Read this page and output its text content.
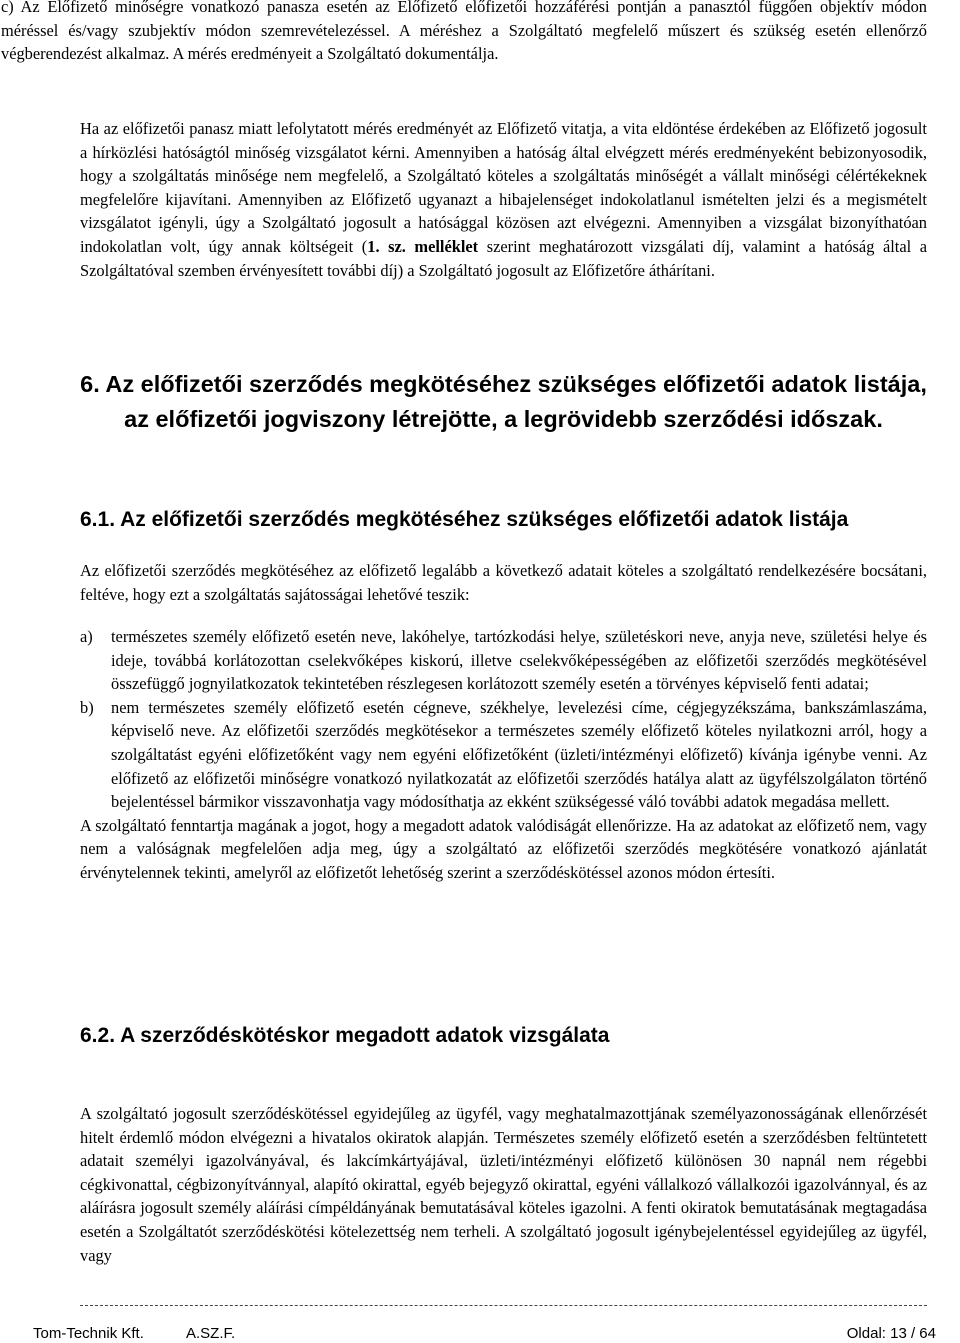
c) Az Előfizető minőségre vonatkozó panasza esetén az Előfizető előfizetői hozzáférési pontján a panasztól függően objektív módon méréssel és/vagy szubjektív módon szemrevételezéssel. A méréshez a Szolgáltató megfelelő műszert és szükség esetén ellenőrző végberendezést alkalmaz. A mérés eredményeit a Szolgáltató dokumentálja.

Ha az előfizetői panasz miatt lefolytatott mérés eredményét az Előfizető vitatja, a vita eldöntése érdekében az Előfizető jogosult a hírközlési hatóságtól minőség vizsgálatot kérni. Amennyiben a hatóság által elvégzett mérés eredményeként bebizonyosodik, hogy a szolgáltatás minősége nem megfelelő, a Szolgáltató köteles a szolgáltatás minőségét a vállalt minőségi célértékeknek megfelelőre kijavítani. Amennyiben az Előfizető ugyanazt a hibajelenséget indokolatlanul ismételten jelzi és a megismételt vizsgálatot igényli, úgy a Szolgáltató jogosult a hatósággal közösen azt elvégezni. Amennyiben a vizsgálat bizonyíthatóan indokolatlan volt, úgy annak költségeit (1. sz. melléklet szerint meghatározott vizsgálati díj, valamint a hatóság által a Szolgáltatóval szemben érvényesített további díj) a Szolgáltató jogosult az Előfizetőre áthárítani.

6. Az előfizetői szerződés megkötéséhez szükséges előfizetői adatok listája, az előfizetői jogviszony létrejötte, a legrövidebb szerződési időszak.
6.1. Az előfizetői szerződés megkötéséhez szükséges előfizetői adatok listája

Az előfizetői szerződés megkötéséhez az előfizető legalább a következő adatait köteles a szolgáltató rendelkezésére bocsátani, feltéve, hogy ezt a szolgáltatás sajátosságai lehetővé teszik:

a) természetes személy előfizető esetén neve, lakóhelye, tartózkodási helye, születéskori neve, anyja neve, születési helye és ideje, továbbá korlátozottan cselekvőképes kiskorú, illetve cselekvőképességében az előfizetői szerződés megkötésével összefüggő jognyilatkozatok tekintetében részlegesen korlátozott személy esetén a törvényes képviselő fenti adatai;
b) nem természetes személy előfizető esetén cégneve, székhelye, levelezési címe, cégjegyzékszáma, bankszámlaszáma, képviselő neve. Az előfizetői szerződés megkötésekor a természetes személy előfizető köteles nyilatkozni arról, hogy a szolgáltatást egyéni előfizetőként vagy nem egyéni előfizetőként (üzleti/intézményi előfizető) kívánja igénybe venni. Az előfizető az előfizetői minőségre vonatkozó nyilatkozatát az előfizetői szerződés hatálya alatt az ügyfélszolgálaton történő bejelentéssel bármikor visszavonhatja vagy módosíthatja az ekként szükségessé váló további adatok megadása mellett.

A szolgáltató fenntartja magának a jogot, hogy a megadott adatok valódiságát ellenőrizze. Ha az adatokat az előfizető nem, vagy nem a valóságnak megfelelően adja meg, úgy a szolgáltató az előfizetői szerződés megkötésére vonatkozó ajánlatát érvénytelennek tekinti, amelyről az előfizetőt lehetőség szerint a szerződéskötéssel azonos módon értesíti.

6.2. A szerződéskötéskor megadott adatok vizsgálata

A szolgáltató jogosult szerződéskötéssel egyidejűleg az ügyfél, vagy meghatalmazottjának személyazonosságának ellenőrzését hitelt érdemlő módon elvégezni a hivatalos okiratok alapján. Természetes személy előfizető esetén a szerződésben feltüntetett adatait személyi igazolványával, és lakcímkártyájával, üzleti/intézményi előfizető különösen 30 napnál nem régebbi cégkivonattal, cégbizonyítvánnyal, alapító okirattal, egyéb bejegyző okirattal, egyéni vállalkozó vállalkozói igazolvánnyal, és az aláírásra jogosult személy aláírási címpéldányának bemutatásával köteles igazolni. A fenti okiratok bemutatásának megtagadása esetén a Szolgáltatót szerződéskötési kötelezettség nem terheli. A szolgáltató jogosult igénybejelentéssel egyidejűleg az ügyfél, vagy

Tom-Technik Kft.	A.SZ.F.	Oldal: 13 / 64
